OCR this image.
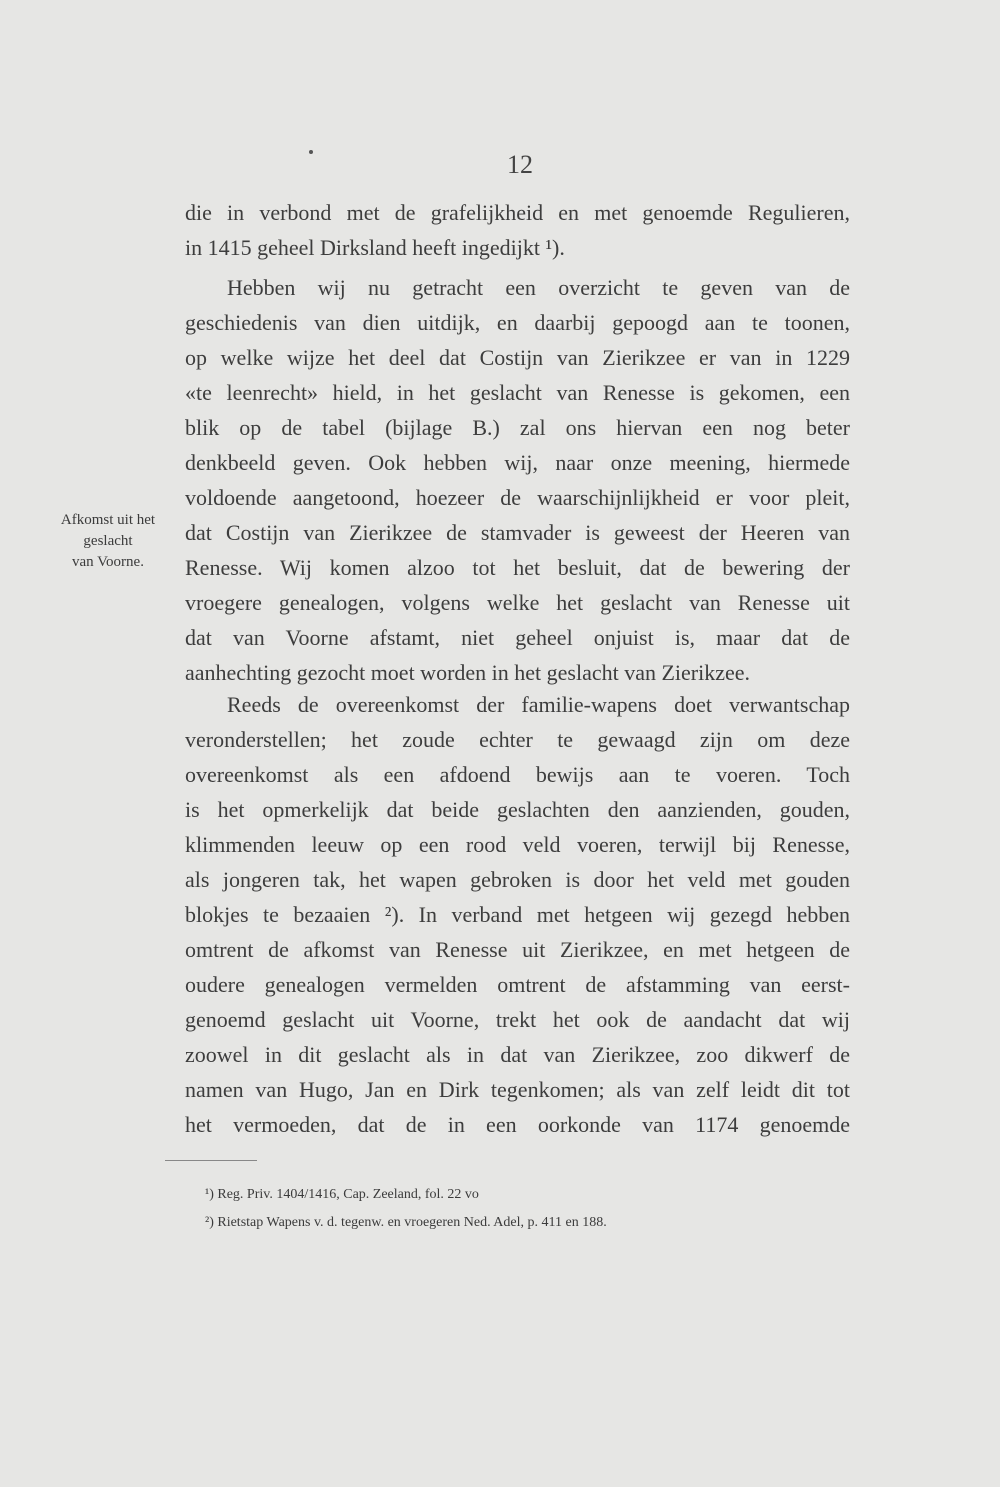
12
Afkomst uit het
geslacht
van Voorne.
die in verbond met de grafelijkheid en met genoemde Regulieren,
in 1415 geheel Dirksland heeft ingedijkt ¹).
Hebben wij nu getracht een overzicht te geven van de
geschiedenis van dien uitdijk, en daarbij gepoogd aan te toonen,
op welke wijze het deel dat Costijn van Zierikzee er van in 1229
«te leenrecht» hield, in het geslacht van Renesse is gekomen, een
blik op de tabel (bijlage B.) zal ons hiervan een nog beter
denkbeeld geven. Ook hebben wij, naar onze meening, hiermede
voldoende aangetoond, hoezeer de waarschijnlijkheid er voor pleit,
dat Costijn van Zierikzee de stamvader is geweest der Heeren van
Renesse. Wij komen alzoo tot het besluit, dat de bewering der
vroegere genealogen, volgens welke het geslacht van Renesse uit
dat van Voorne afstamt, niet geheel onjuist is, maar dat de
aanhechting gezocht moet worden in het geslacht van Zierikzee.
Reeds de overeenkomst der familie-wapens doet verwantschap
veronderstellen; het zoude echter te gewaagd zijn om deze
overeenkomst als een afdoend bewijs aan te voeren. Toch
is het opmerkelijk dat beide geslachten den aanzienden, gouden,
klimmenden leeuw op een rood veld voeren, terwijl bij Renesse,
als jongeren tak, het wapen gebroken is door het veld met gouden
blokjes te bezaaien ²). In verband met hetgeen wij gezegd hebben
omtrent de afkomst van Renesse uit Zierikzee, en met hetgeen de
oudere genealogen vermelden omtrent de afstamming van eerst-
genoemd geslacht uit Voorne, trekt het ook de aandacht dat wij
zoowel in dit geslacht als in dat van Zierikzee, zoo dikwerf de
namen van Hugo, Jan en Dirk tegenkomen; als van zelf leidt dit tot
het vermoeden, dat de in een oorkonde van 1174 genoemde
¹) Reg. Priv. 1404/1416, Cap. Zeeland, fol. 22 vo
²) Rietstap Wapens v. d. tegenw. en vroegeren Ned. Adel, p. 411 en 188.
